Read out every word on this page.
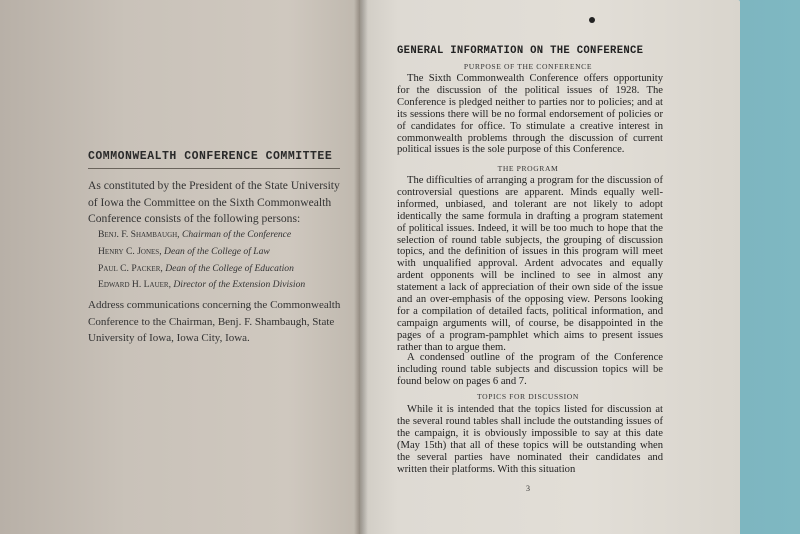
COMMONWEALTH CONFERENCE COMMITTEE
As constituted by the President of the State University of Iowa the Committee on the Sixth Commonwealth Conference consists of the following persons:
Benj. F. Shambaugh, Chairman of the Conference
Henry C. Jones, Dean of the College of Law
Paul C. Packer, Dean of the College of Education
Edward H. Lauer, Director of the Extension Division
Address communications concerning the Commonwealth Conference to the Chairman, Benj. F. Shambaugh, State University of Iowa, Iowa City, Iowa.
GENERAL INFORMATION ON THE CONFERENCE
PURPOSE OF THE CONFERENCE
The Sixth Commonwealth Conference offers opportunity for the discussion of the political issues of 1928. The Conference is pledged neither to parties nor to policies; and at its sessions there will be no formal endorsement of policies or of candidates for office. To stimulate a creative interest in commonwealth problems through the discussion of current political issues is the sole purpose of this Conference.
THE PROGRAM
The difficulties of arranging a program for the discussion of controversial questions are apparent. Minds equally well-informed, unbiased, and tolerant are not likely to adopt identically the same formula in drafting a program statement of political issues. Indeed, it will be too much to hope that the selection of round table subjects, the grouping of discussion topics, and the definition of issues in this program will meet with unqualified approval. Ardent advocates and equally ardent opponents will be inclined to see in almost any statement a lack of appreciation of their own side of the issue and an over-emphasis of the opposing view. Persons looking for a compilation of detailed facts, political information, and campaign arguments will, of course, be disappointed in the pages of a program-pamphlet which aims to present issues rather than to argue them.
A condensed outline of the program of the Conference including round table subjects and discussion topics will be found below on pages 6 and 7.
TOPICS FOR DISCUSSION
While it is intended that the topics listed for discussion at the several round tables shall include the outstanding issues of the campaign, it is obviously impossible to say at this date (May 15th) that all of these topics will be outstanding when the several parties have nominated their candidates and written their platforms. With this situation
3
